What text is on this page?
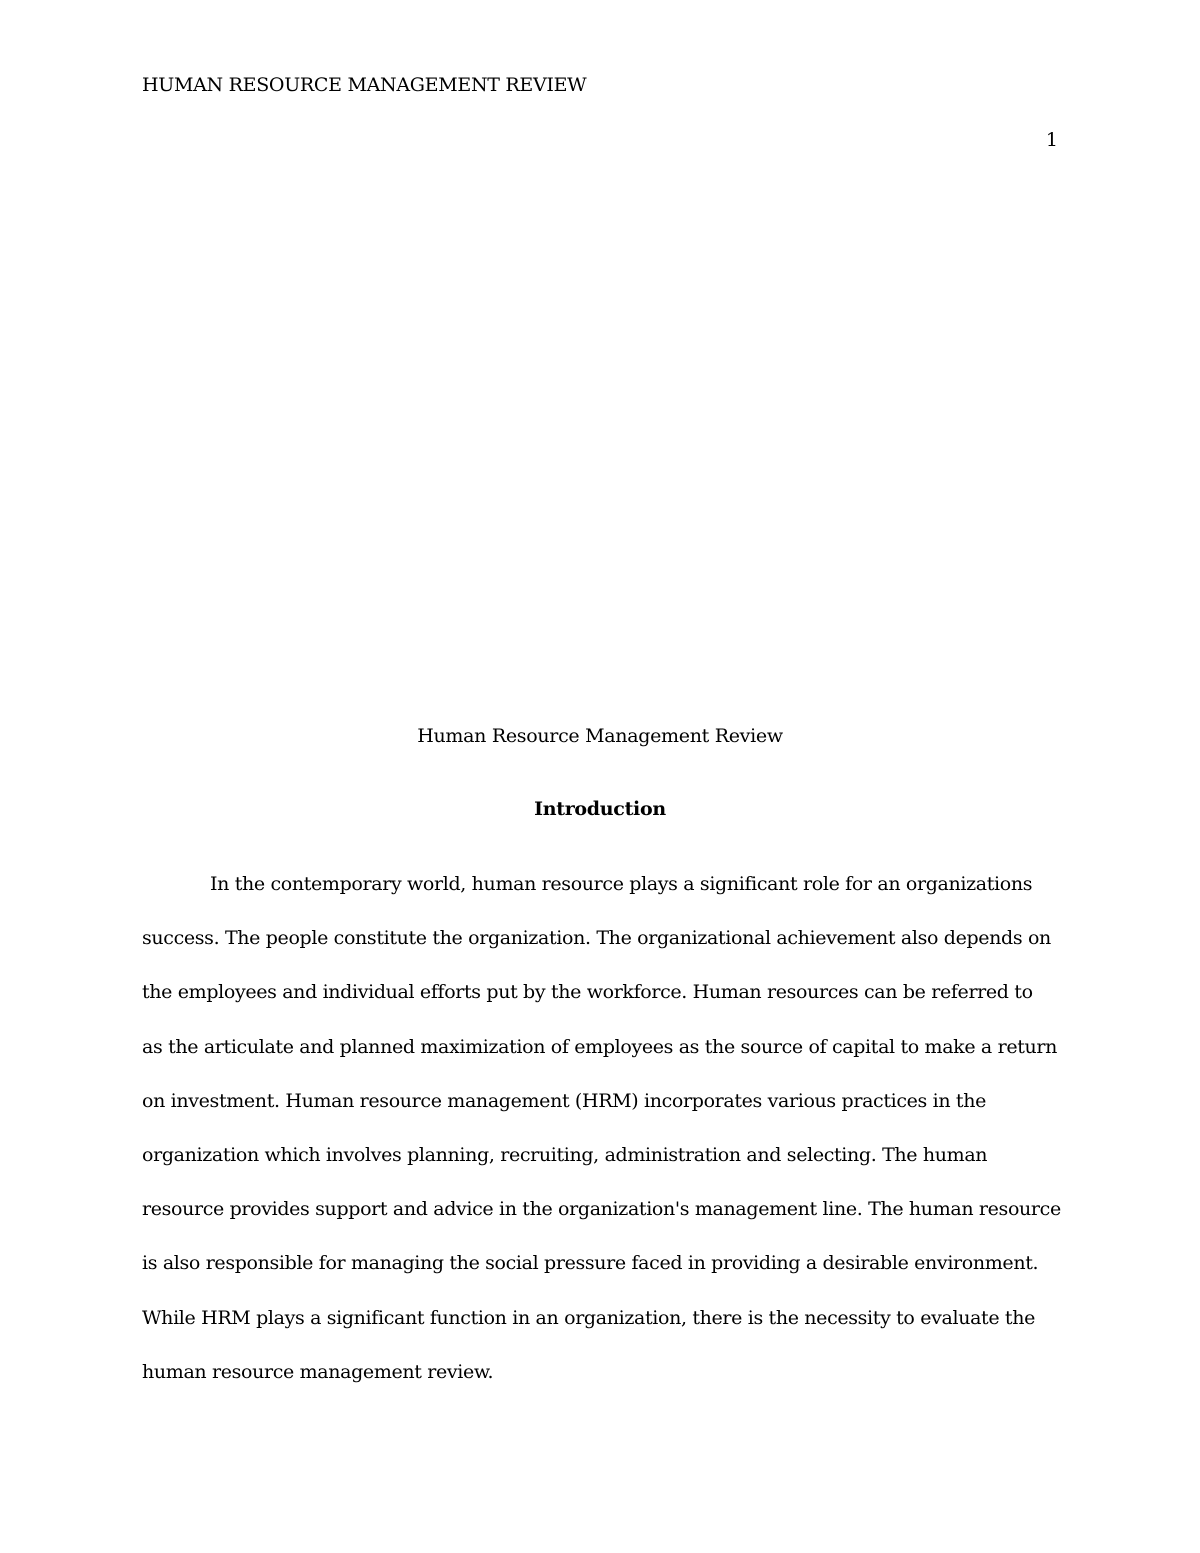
HUMAN RESOURCE MANAGEMENT REVIEW
1
Human Resource Management Review
Introduction
In the contemporary world, human resource plays a significant role for an organizations
success. The people constitute the organization. The organizational achievement also depends on
the employees and individual efforts put by the workforce. Human resources can be referred to
as the articulate and planned maximization of employees as the source of capital to make a return
on investment. Human resource management (HRM) incorporates various practices in the
organization which involves planning, recruiting, administration and selecting. The human
resource provides support and advice in the organization's management line. The human resource
is also responsible for managing the social pressure faced in providing a desirable environment.
While HRM plays a significant function in an organization, there is the necessity to evaluate the
human resource management review.
